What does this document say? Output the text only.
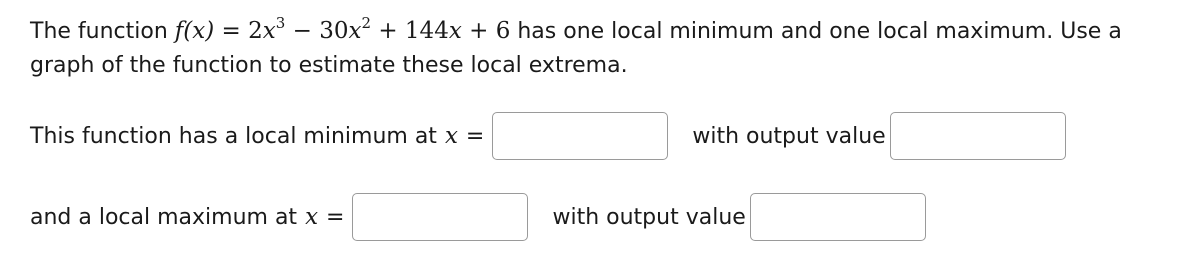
The function $f(x) = 2x^3 - 30x^2 + 144x + 6$ has one local minimum and one local maximum. Use a graph of the function to estimate these local extrema.
This function has a local minimum at x =	with output value
and a local maximum at x =	with output value
